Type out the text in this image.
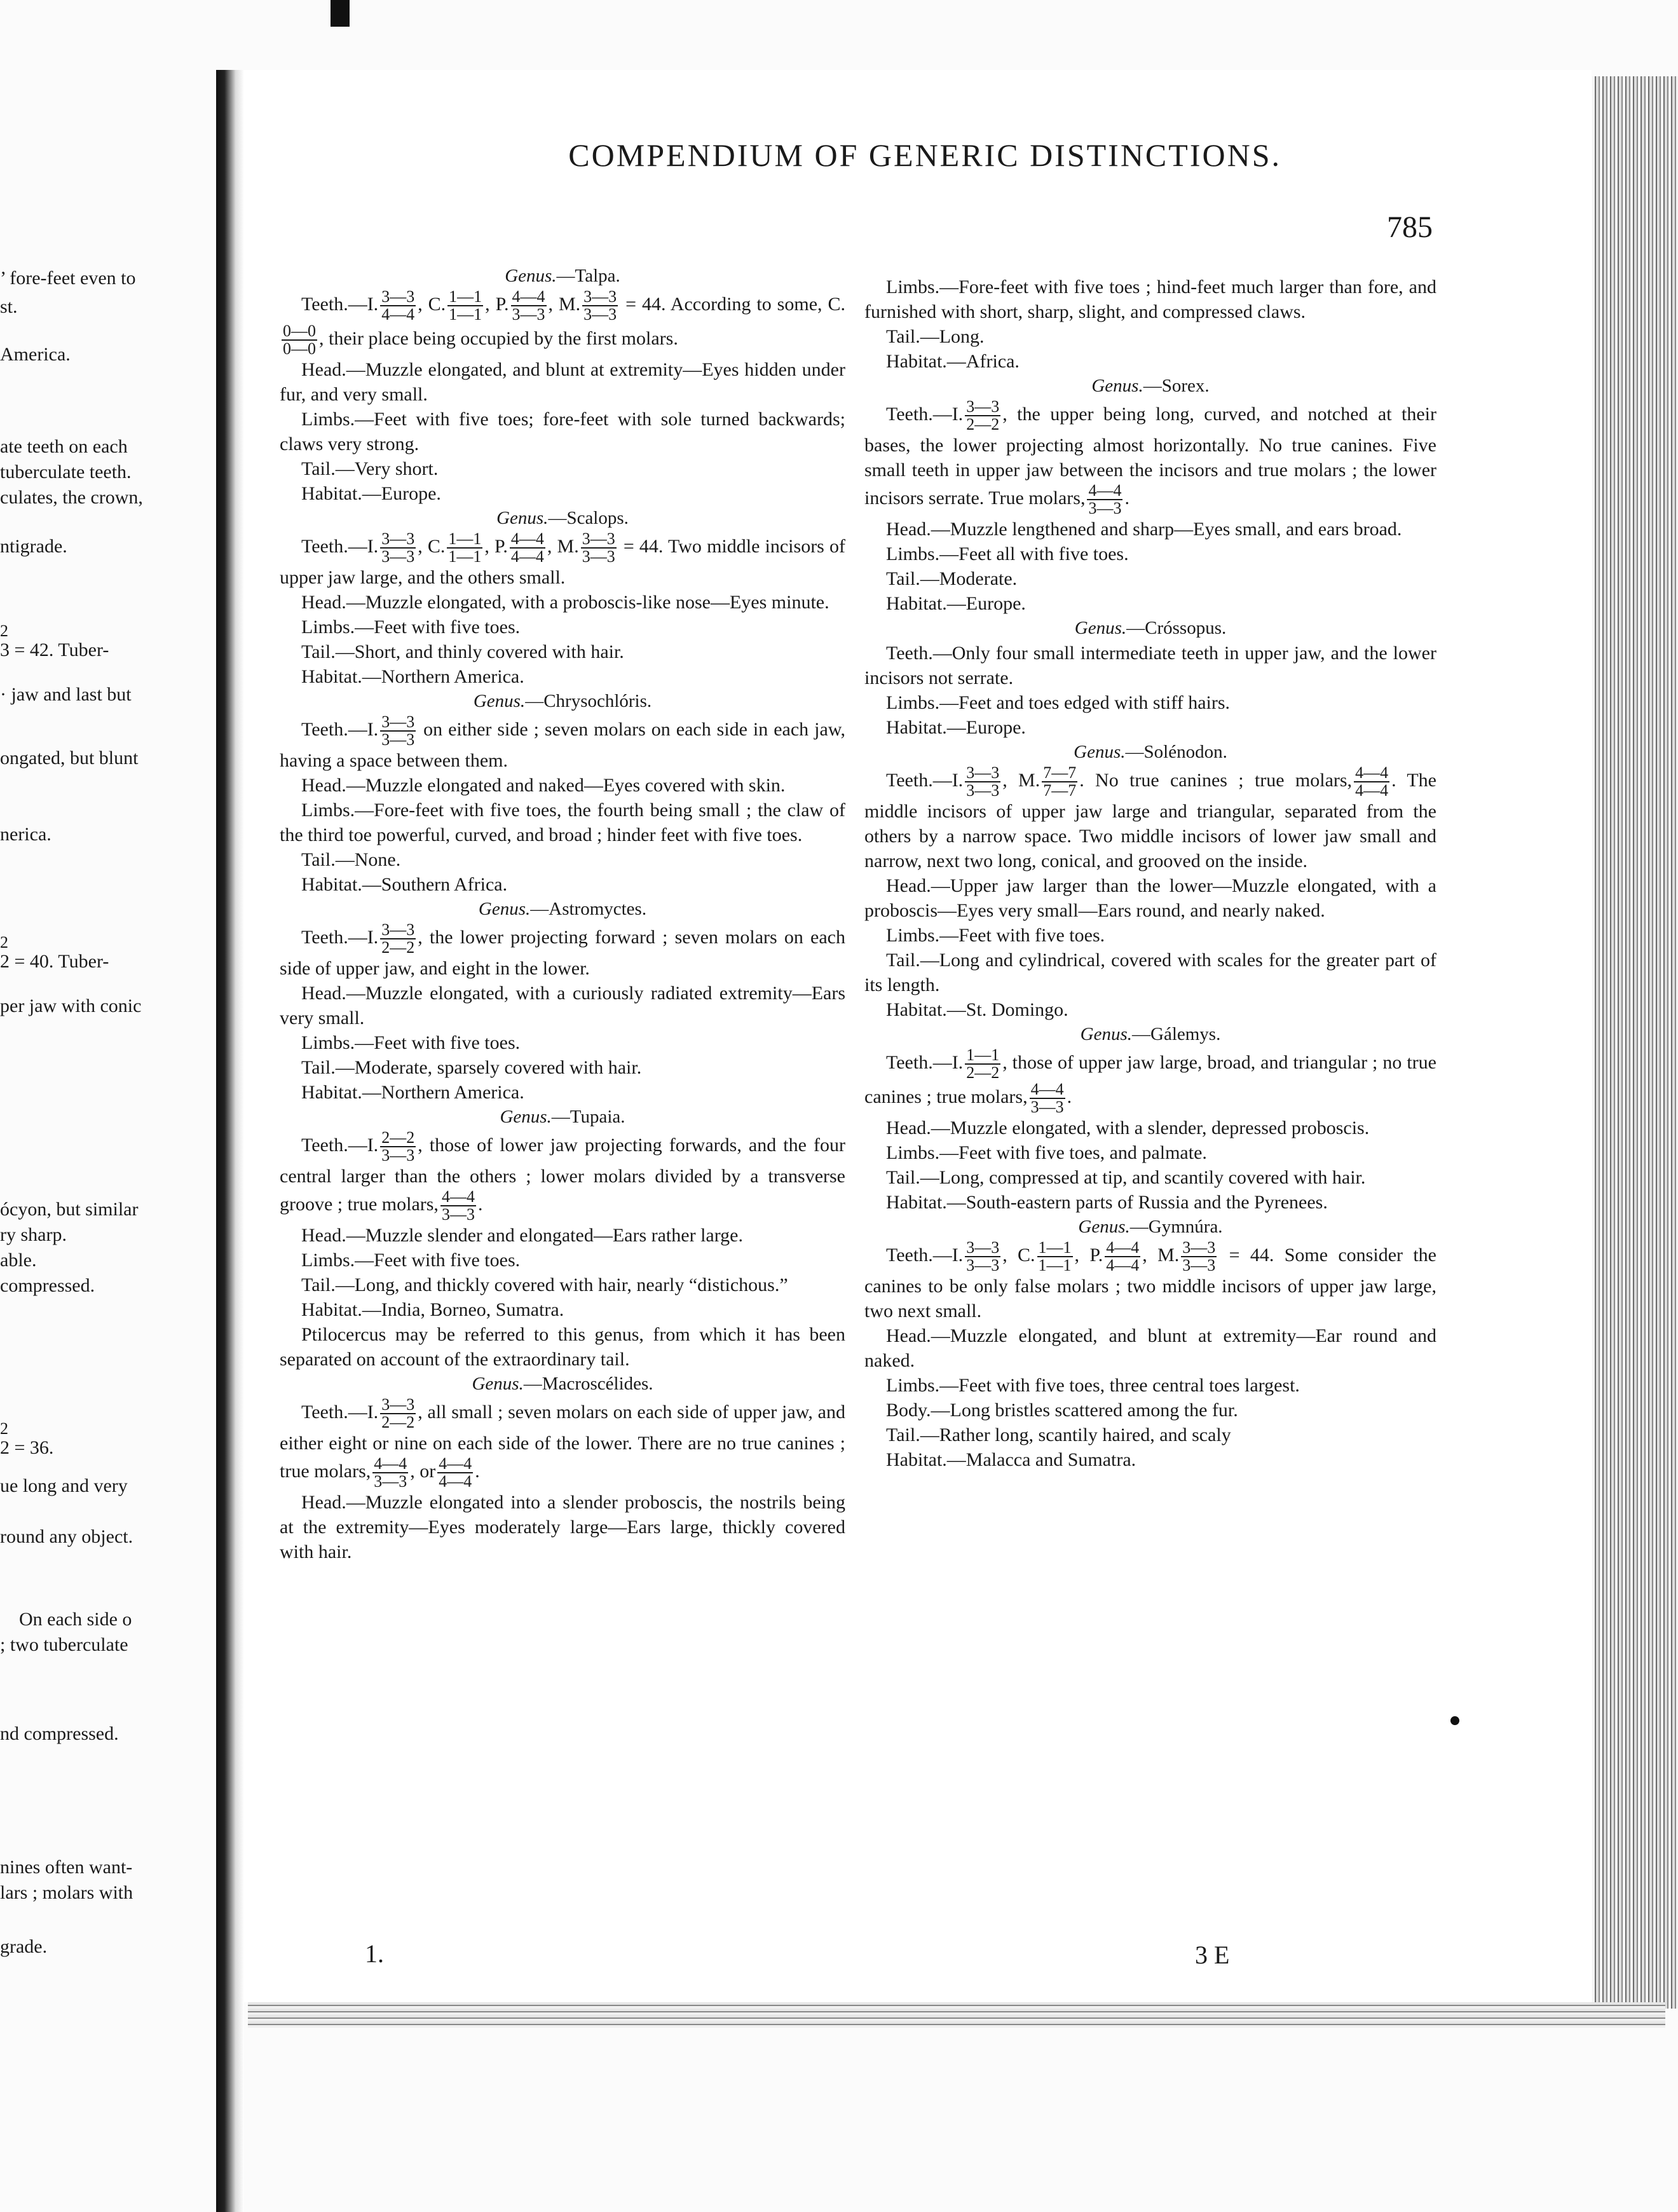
’ fore-feet even to
st.
America.
ate teeth on each
tuberculate teeth.
culates, the crown,
ntigrade.
2
3 = 42. Tuber-
· jaw and last but
ongated, but blunt
nerica.
2
2 = 40. Tuber-
per jaw with conic
ócyon, but similar
ry sharp.
able.
compressed.
2
2 = 36.
ue long and very
round any object.
On each side o
; two tuberculate
nd compressed.
nines often want-
lars ; molars with
grade.
COMPENDIUM OF GENERIC DISTINCTIONS.
785

Genus.—Talpa.

Teeth.—I. $\frac{3—3}{4—4}$ , C. $\frac{1—1}{1—1}$ , P. $\frac{4—4}{3—3}$ , M. $\frac{3—3}{3—3} = 44$. According to some, C.
$\frac{0—0}{0—0}$ , their place being occupied by the first molars.

Head.—Muzzle elongated, and blunt at extremity—Eyes hidden under fur, and very small.

Limbs.—Feet with five toes; fore-feet with sole turned backwards; claws very strong.

Tail.—Very short.

Habitat.—Europe.

Genus.—Scalops.

Teeth.—I. $\frac{3—3}{3—3}$ , C. $\frac{1—1}{1—1}$ , P. $\frac{4—4}{4—4}$ , M. $\frac{3—3}{3—3} = 44$. Two middle incisors of upper jaw large, and the others small.

Head.—Muzzle elongated, with a proboscis-like nose—Eyes minute.

Limbs.—Feet with five toes.

Tail.—Short, and thinly covered with hair.

Habitat.—Northern America.

Genus.—Chrysochlóris.

Teeth.—I. $\frac{3—3}{3—3}$ on either side ; seven molars on each side in each jaw, having a space between them.

Head.—Muzzle elongated and naked—Eyes covered with skin.

Limbs.—Fore-feet with five toes, the fourth being small ; the claw of the third toe powerful, curved, and broad ; hinder feet with five toes.

Tail.—None.

Habitat.—Southern Africa.

Genus.—Astromyctes.

Teeth.—I. $\frac{3—3}{2—2}$ , the lower projecting forward ; seven molars on each side of upper jaw, and eight in the lower.

Head.—Muzzle elongated, with a curiously radiated extremity—Ears very small.

Limbs.—Feet with five toes.

Tail.—Moderate, sparsely covered with hair.

Habitat.—Northern America.

Genus.—Tupaia.

Teeth.—I. $\frac{2—2}{3—3}$ , those of lower jaw projecting forwards, and the four central larger than the others ; lower molars divided by a transverse groove ; true molars, $\frac{4—4}{3—3}$ .

Head.—Muzzle slender and elongated—Ears rather large.

Limbs.—Feet with five toes.

Tail.—Long, and thickly covered with hair, nearly “distichous.”

Habitat.—India, Borneo, Sumatra.

Ptilocercus may be referred to this genus, from which it has been separated on account of the extraordinary tail.

Genus.—Macroscélides.

Teeth.—I. $\frac{3—3}{2—2}$ , all small ; seven molars on each side of upper jaw, and either eight or nine on each side of the lower. There are no true canines ; true molars, $\frac{4—4}{3—3}$ , or $\frac{4—4}{4—4}$ .

Head.—Muzzle elongated into a slender proboscis, the nostrils being at the extremity—Eyes moderately large—Ears large, thickly covered with hair.

Limbs.—Fore-feet with five toes ; hind-feet much larger than fore, and furnished with short, sharp, slight, and compressed claws.

Tail.—Long.

Habitat.—Africa.

Genus.—Sorex.

Teeth.—I. $\frac{3—3}{2—2}$ , the upper being long, curved, and notched at their bases, the lower projecting almost horizontally. No true canines. Five small teeth in upper jaw between the incisors and true molars ; the lower incisors serrate. True molars, $\frac{4—4}{3—3}$ .

Head.—Muzzle lengthened and sharp—Eyes small, and ears broad.

Limbs.—Feet all with five toes.

Tail.—Moderate.

Habitat.—Europe.

Genus.—Cróssopus.

Teeth.—Only four small intermediate teeth in upper jaw, and the lower incisors not serrate.

Limbs.—Feet and toes edged with stiff hairs.

Habitat.—Europe.

Genus.—Solénodon.

Teeth.—I. $\frac{3—3}{3—3}$ , M. $\frac{7—7}{7—7}$ . No true canines ; true molars, $\frac{4—4}{4—4}$ . The middle incisors of upper jaw large and triangular, separated from the others by a narrow space. Two middle incisors of lower jaw small and narrow, next two long, conical, and grooved on the inside.

Head.—Upper jaw larger than the lower—Muzzle elongated, with a proboscis—Eyes very small—Ears round, and nearly naked.

Limbs.—Feet with five toes.

Tail.—Long and cylindrical, covered with scales for the greater part of its length.

Habitat.—St. Domingo.

Genus.—Gálemys.

Teeth.—I. $\frac{1—1}{2—2}$ , those of upper jaw large, broad, and triangular ; no true canines ; true molars, $\frac{4—4}{3—3}$ .

Head.—Muzzle elongated, with a slender, depressed proboscis.

Limbs.—Feet with five toes, and palmate.

Tail.—Long, compressed at tip, and scantily covered with hair.

Habitat.—South-eastern parts of Russia and the Pyrenees.

Genus.—Gymnúra.

Teeth.—I. $\frac{3—3}{3—3}$ , C. $\frac{1—1}{1—1}$ , P. $\frac{4—4}{4—4}$ , M. $\frac{3—3}{3—3} = 44$. Some consider the canines to be only false molars ; two middle incisors of upper jaw large, two next small.

Head.—Muzzle elongated, and blunt at extremity—Ear round and naked.

Limbs.—Feet with five toes, three central toes largest.

Body.—Long bristles scattered among the fur.

Tail.—Rather long, scantily haired, and scaly

Habitat.—Malacca and Sumatra.

1.	3 E
